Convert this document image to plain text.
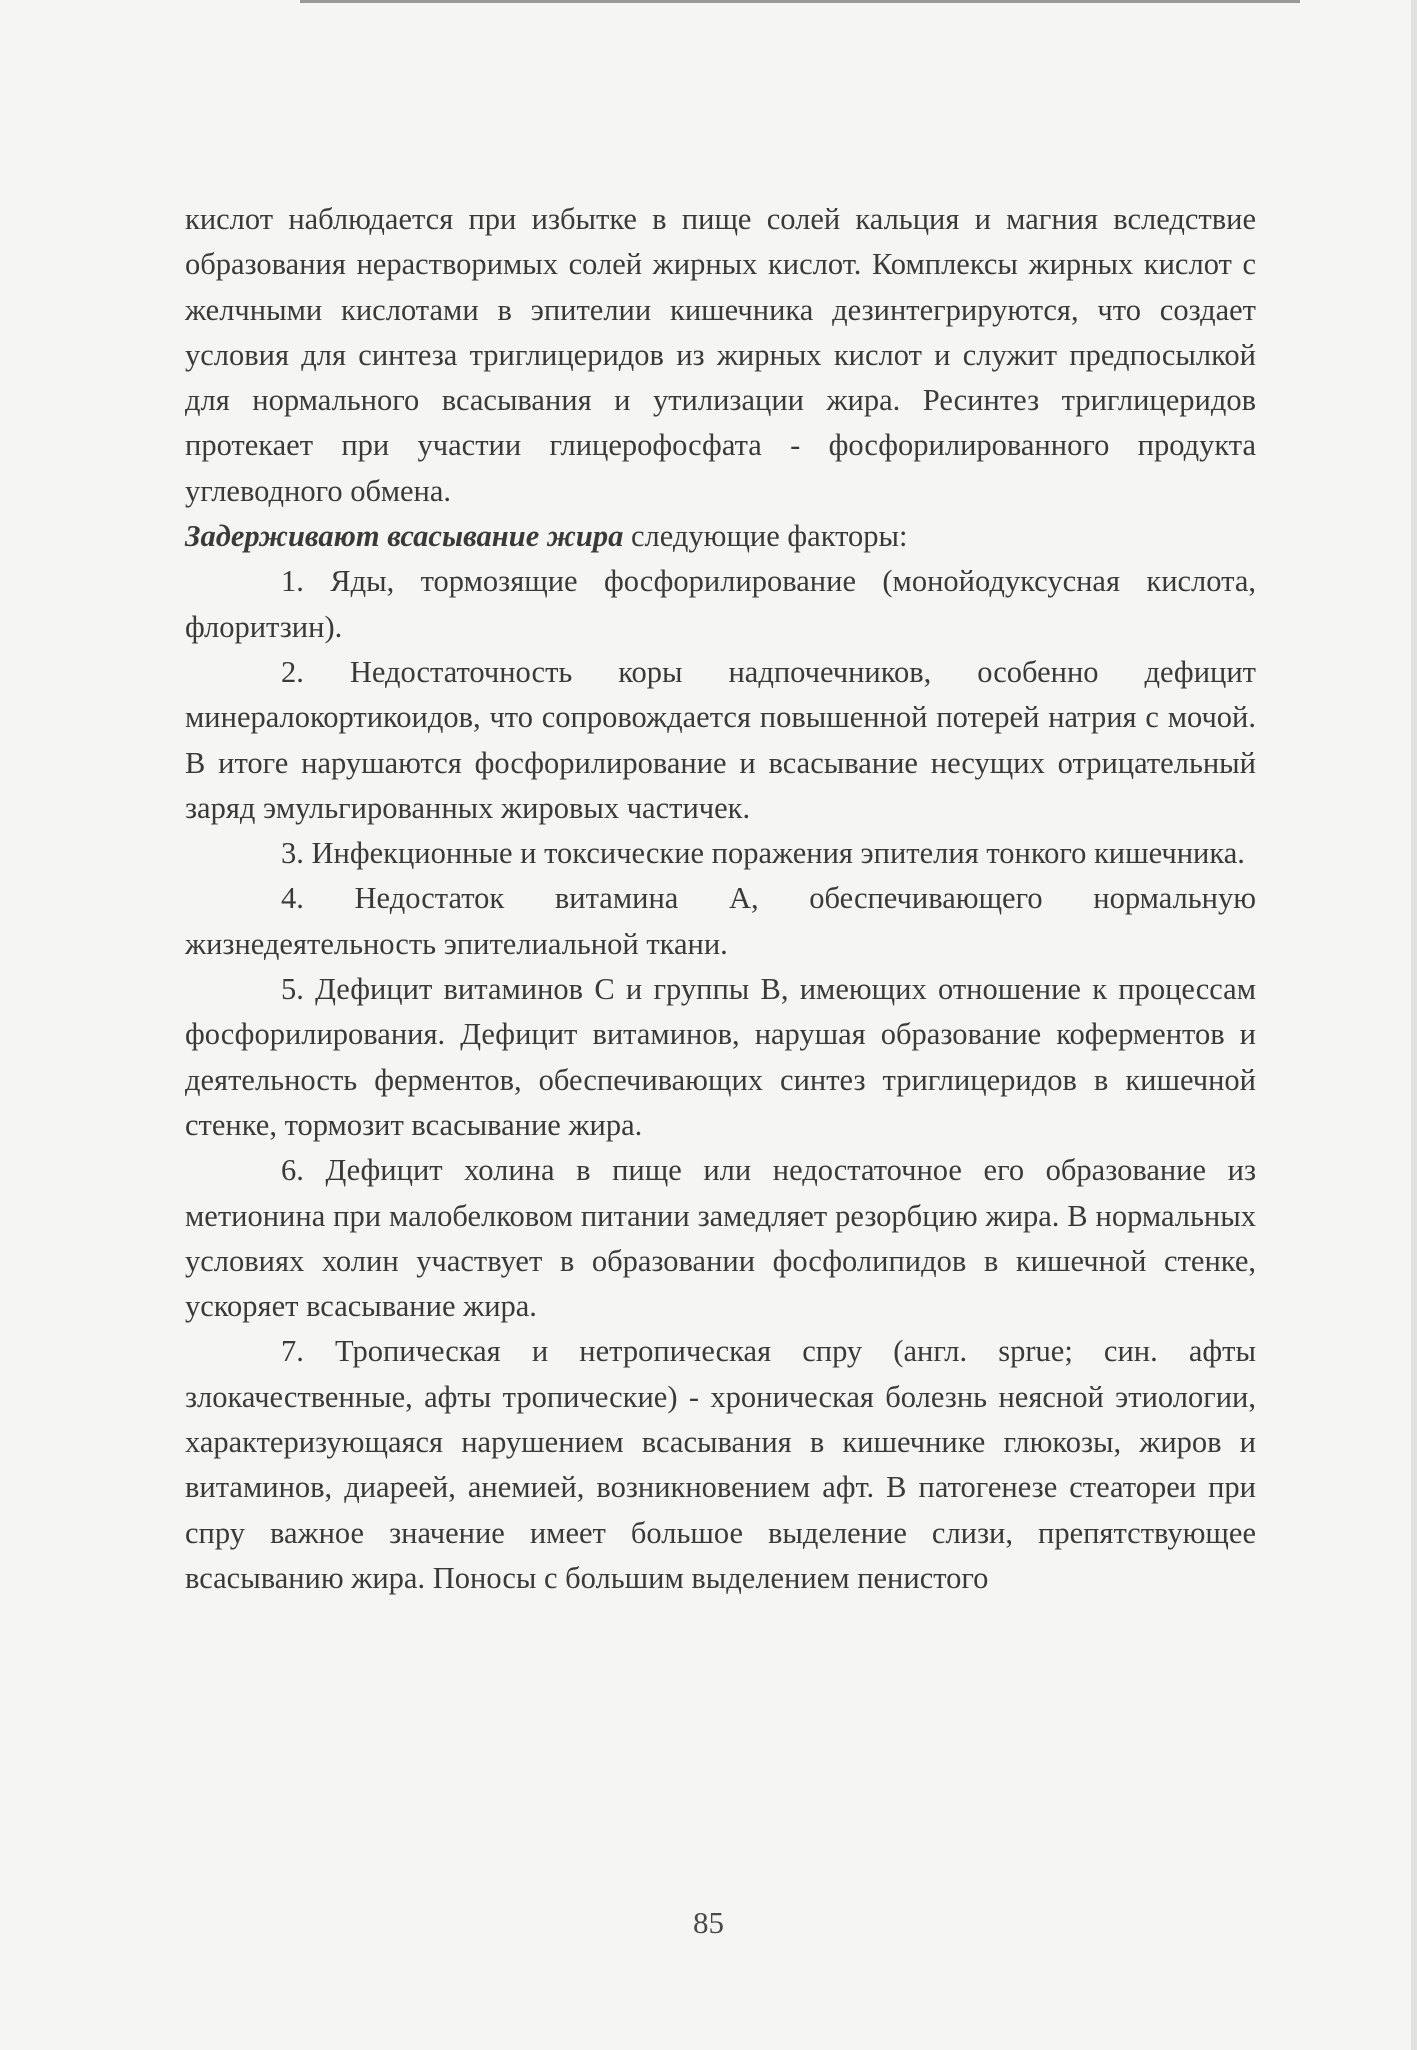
кислот наблюдается при избытке в пище солей кальция и магния вследствие образования нерастворимых солей жирных кислот. Комплексы жирных кислот с желчными кислотами в эпителии кишечника дезинтегрируются, что создает условия для синтеза триглицеридов из жирных кислот и служит предпосылкой для нормального всасывания и утилизации жира. Ресинтез триглицеридов протекает при участии глицерофосфата - фосфорилированного продукта углеводного обмена.
Задерживают всасывание жира следующие факторы:

1. Яды, тормозящие фосфорилирование (монойодуксусная кислота, флоритзин).

2. Недостаточность коры надпочечников, особенно дефицит минералокортикоидов, что сопровождается повышенной потерей натрия с мочой. В итоге нарушаются фосфорилирование и всасывание несущих отрицательный заряд эмульгированных жировых частичек.

3. Инфекционные и токсические поражения эпителия тонкого кишечника.

4. Недостаток витамина А, обеспечивающего нормальную жизнедеятельность эпителиальной ткани.

5. Дефицит витаминов С и группы В, имеющих отношение к процессам фосфорилирования. Дефицит витаминов, нарушая образование коферментов и деятельность ферментов, обеспечивающих синтез триглицеридов в кишечной стенке, тормозит всасывание жира.

6. Дефицит холина в пище или недостаточное его образование из метионина при малобелковом питании замедляет резорбцию жира. В нормальных условиях холин участвует в образовании фосфолипидов в кишечной стенке, ускоряет всасывание жира.

7. Тропическая и нетропическая спру (англ. sprue; син. афты злокачественные, афты тропические) - хроническая болезнь неясной этиологии, характеризующаяся нарушением всасывания в кишечнике глюкозы, жиров и витаминов, диареей, анемией, возникновением афт. В патогенезе стеатореи при спру важное значение имеет большое выделение слизи, препятствующее всасыванию жира. Поносы с большим выделением пенистого

85
